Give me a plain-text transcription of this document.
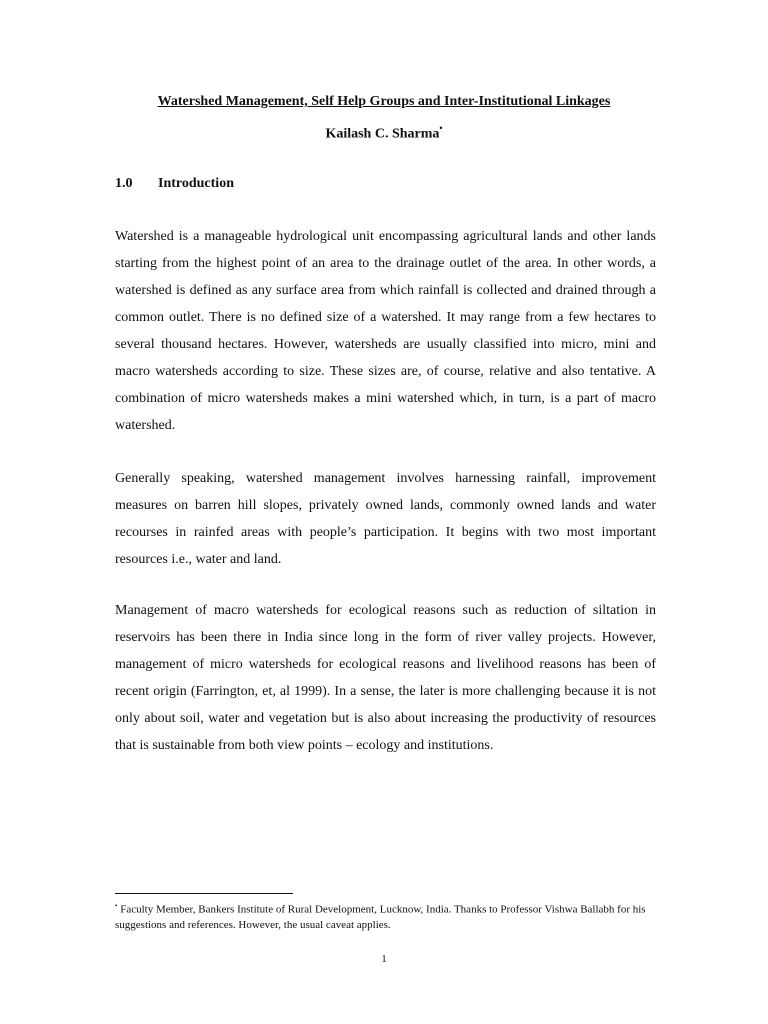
Watershed Management, Self Help Groups and Inter-Institutional Linkages
Kailash C. Sharma•
1.0 Introduction

Watershed is a manageable hydrological unit encompassing agricultural lands and other lands starting from the highest point of an area to the drainage outlet of the area. In other words, a watershed is defined as any surface area from which rainfall is collected and drained through a common outlet. There is no defined size of a watershed. It may range from a few hectares to several thousand hectares. However, watersheds are usually classified into micro, mini and macro watersheds according to size. These sizes are, of course, relative and also tentative. A combination of micro watersheds makes a mini watershed which, in turn, is a part of macro watershed.

Generally speaking, watershed management involves harnessing rainfall, improvement measures on barren hill slopes, privately owned lands, commonly owned lands and water recourses in rainfed areas with people’s participation. It begins with two most important resources i.e., water and land.

Management of macro watersheds for ecological reasons such as reduction of siltation in reservoirs has been there in India since long in the form of river valley projects. However, management of micro watersheds for ecological reasons and livelihood reasons has been of recent origin (Farrington, et, al 1999). In a sense, the later is more challenging because it is not only about soil, water and vegetation but is also about increasing the productivity of resources that is sustainable from both view points – ecology and institutions.

• Faculty Member, Bankers Institute of Rural Development, Lucknow, India. Thanks to Professor Vishwa Ballabh for his suggestions and references. However, the usual caveat applies.

1
